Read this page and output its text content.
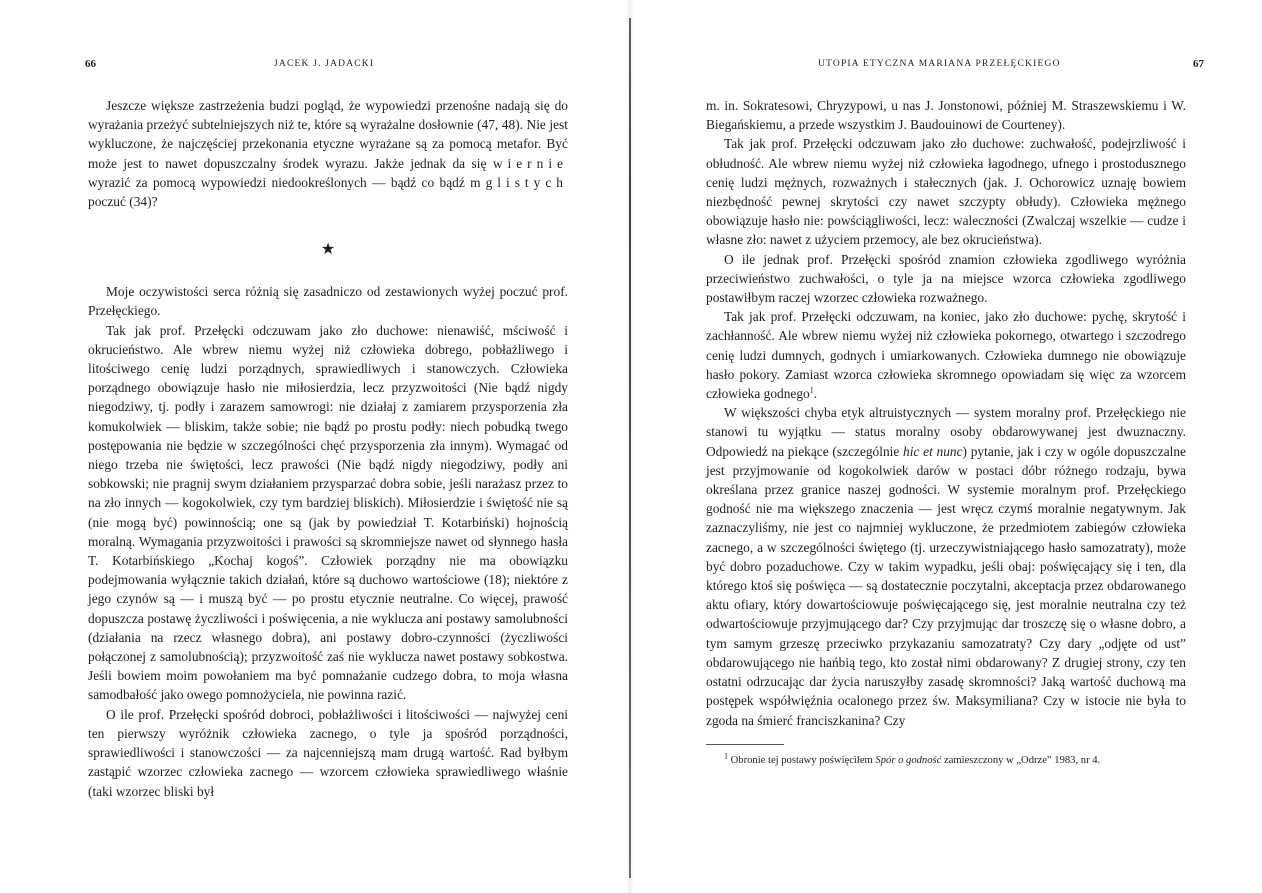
66	JACEK J. JADACKI

Jeszcze większe zastrzeżenia budzi pogląd, że wypowiedzi przenośne nadają się do wyrażania przeżyć subtelniejszych niż te, które są wyrażalne dosłownie (47, 48). Nie jest wykluczone, że najczęściej przekonania etyczne wyrażane są za pomocą metafor. Być może jest to nawet dopuszczalny środek wyrazu. Jakże jednak da się wiernie wyrazić za pomocą wypowiedzi niedookreślonych — bądź co bądź mglistych poczuć (34)?

★

Moje oczywistości serca różnią się zasadniczo od zestawionych wyżej poczuć prof. Przełęckiego.

Tak jak prof. Przełęcki odczuwam jako zło duchowe: nienawiść, mściwość i okrucieństwo. Ale wbrew niemu wyżej niż człowieka dobrego, pobłażliwego i litościwego cenię ludzi porządnych, sprawiedliwych i stanowczych. Człowieka porządnego obowiązuje hasło nie miłosierdzia, lecz przyzwoitości (Nie bądź nigdy niegodziwy, tj. podły i zarazem samowrogi: nie działaj z zamiarem przysporzenia zła komukolwiek — bliskim, także sobie; nie bądź po prostu podły: niech pobudką twego postępowania nie będzie w szczególności chęć przysporzenia zła innym). Wymagać od niego trzeba nie świętości, lecz prawości (Nie bądź nigdy niegodziwy, podły ani sobkowski; nie pragnij swym działaniem przysparzać dobra sobie, jeśli narażasz przez to na zło innych — kogokolwiek, czy tym bardziej bliskich). Miłosierdzie i świętość nie są (nie mogą być) powinnością; one są (jak by powiedział T. Kotarbiński) hojnością moralną. Wymagania przyzwoitości i prawości są skromniejsze nawet od słynnego hasła T. Kotarbińskiego „Kochaj kogoś”. Człowiek porządny nie ma obowiązku podejmowania wyłącznie takich działań, które są duchowo wartościowe (18); niektóre z jego czynów są — i muszą być — po prostu etycznie neutralne. Co więcej, prawość dopuszcza postawę życzliwości i poświęcenia, a nie wyklucza ani postawy samolubności (działania na rzecz własnego dobra), ani postawy dobro-czynności (życzliwości połączonej z samolubnością); przyzwoitość zaś nie wyklucza nawet postawy sobkostwa. Jeśli bowiem moim powołaniem ma być pomnażanie cudzego dobra, to moja własna samodbałość jako owego pomnożyciela, nie powinna razić.

O ile prof. Przełęcki spośród dobroci, pobłażliwości i litościwości — najwyżej ceni ten pierwszy wyróżnik człowieka zacnego, o tyle ja spośród porządności, sprawiedliwości i stanowczości — za najcenniejszą mam drugą wartość. Rad byłbym zastąpić wzorzec człowieka zacnego — wzorcem człowieka sprawiedliwego właśnie (taki wzorzec bliski był

UTOPIA ETYCZNA MARIANA PRZEŁĘCKIEGO	67

m. in. Sokratesowi, Chryzypowi, u nas J. Jonstonowi, później M. Straszewskiemu i W. Biegańskiemu, a przede wszystkim J. Baudouinowi de Courteney).

Tak jak prof. Przełęcki odczuwam jako zło duchowe: zuchwałość, podejrzliwość i obłudność. Ale wbrew niemu wyżej niż człowieka łagodnego, ufnego i prostodusznego cenię ludzi mężnych, rozważnych i stałecznych (jak. J. Ochorowicz uznaję bowiem niezbędność pewnej skrytości czy nawet szczypty obłudy). Człowieka mężnego obowiązuje hasło nie: powściągliwości, lecz: waleczności (Zwalczaj wszelkie — cudze i własne zło: nawet z użyciem przemocy, ale bez okrucieństwa).

O ile jednak prof. Przełęcki spośród znamion człowieka zgodliwego wyróżnia przeciwieństwo zuchwałości, o tyle ja na miejsce wzorca człowieka zgodliwego postawiłbym raczej wzorzec człowieka rozważnego.

Tak jak prof. Przełęcki odczuwam, na koniec, jako zło duchowe: pychę, skrytość i zachłanność. Ale wbrew niemu wyżej niż człowieka pokornego, otwartego i szczodrego cenię ludzi dumnych, godnych i umiarkowanych. Człowieka dumnego nie obowiązuje hasło pokory. Zamiast wzorca człowieka skromnego opowiadam się więc za wzorcem człowieka godnego$^1$.

W większości chyba etyk altruistycznych — system moralny prof. Przełęckiego nie stanowi tu wyjątku — status moralny osoby obdarowywanej jest dwuznaczny. Odpowiedź na piekące (szczególnie hic et nunc) pytanie, jak i czy w ogóle dopuszczalne jest przyjmowanie od kogokolwiek darów w postaci dóbr różnego rodzaju, bywa określana przez granice naszej godności. W systemie moralnym prof. Przełęckiego godność nie ma większego znaczenia — jest wręcz czymś moralnie negatywnym. Jak zaznaczyliśmy, nie jest co najmniej wykluczone, że przedmiotem zabiegów człowieka zacnego, a w szczególności świętego (tj. urzeczywistniającego hasło samozatraty), może być dobro pozaduchowe. Czy w takim wypadku, jeśli obaj: poświęcający się i ten, dla którego ktoś się poświęca — są dostatecznie poczytalni, akceptacja przez obdarowanego aktu ofiary, który dowartościowuje poświęcającego się, jest moralnie neutralna czy też odwartościowuje przyjmującego dar? Czy przyjmując dar troszczę się o własne dobro, a tym samym grzeszę przeciwko przykazaniu samozatraty? Czy dary „odjęte od ust” obdarowującego nie hańbią tego, kto został nimi obdarowany? Z drugiej strony, czy ten ostatni odrzucając dar życia naruszyłby zasadę skromności? Jaką wartość duchową ma postępek współwięźnia ocalonego przez św. Maksymiliana? Czy w istocie nie była to zgoda na śmierć franciszkanina? Czy

$^1$ Obronie tej postawy poświęciłem Spór o godność zamieszczony w „Odrze” 1983, nr 4.
